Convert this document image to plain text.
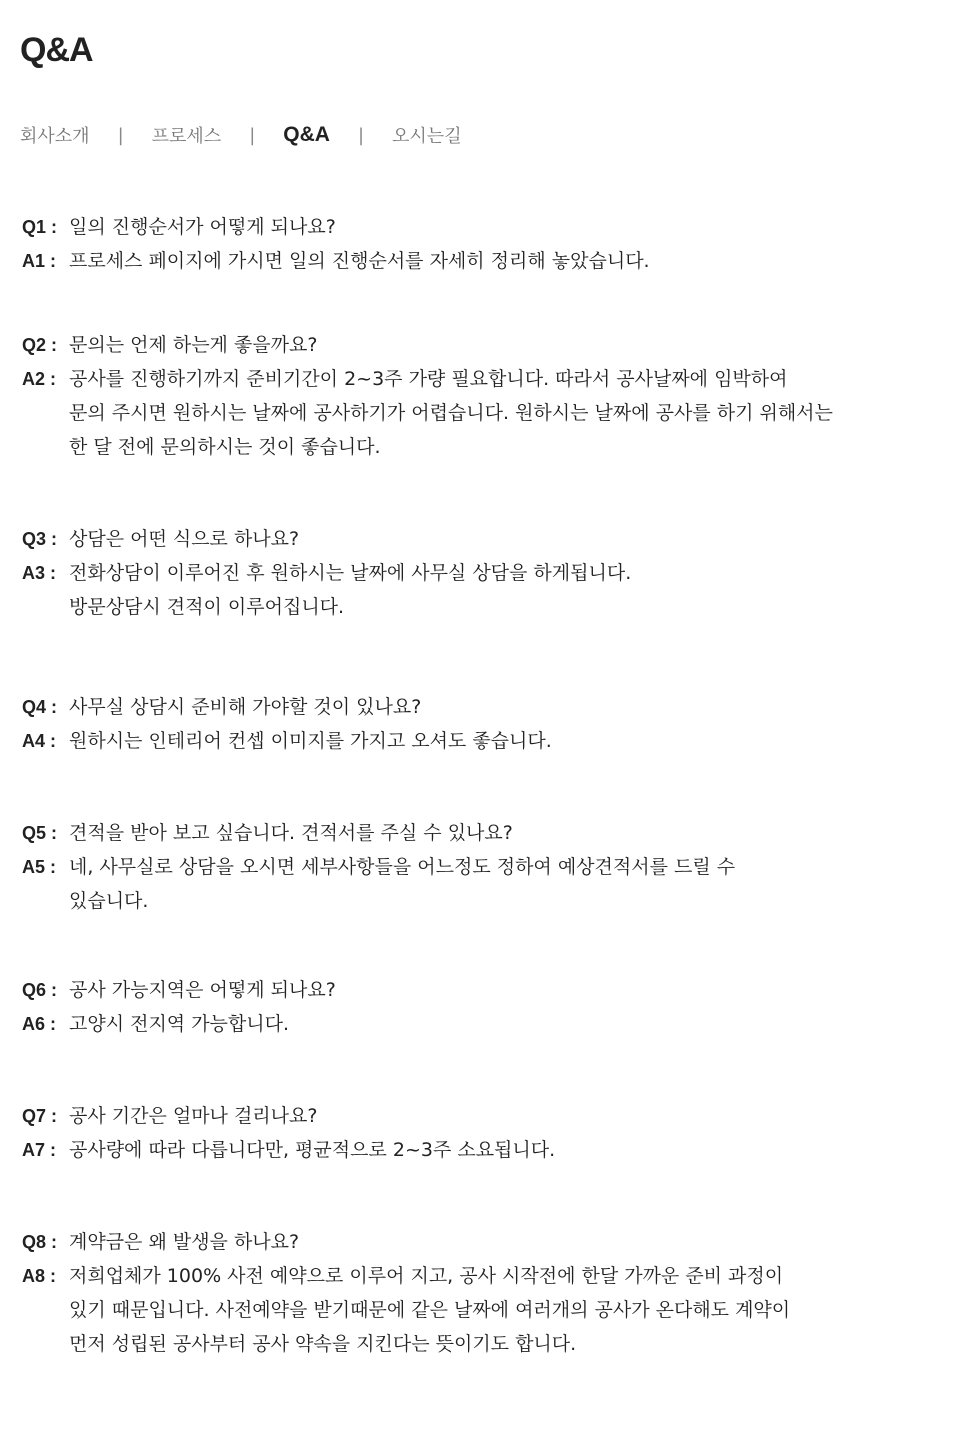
Q&A
회사소개 | 프로세스 | Q&A | 오시는길
Q1 : 일의 진행순서가 어떻게 되나요?
A1 : 프로세스 페이지에 가시면 일의 진행순서를 자세히 정리해 놓았습니다.
Q2 : 문의는 언제 하는게 좋을까요?
A2 : 공사를 진행하기까지 준비기간이 2~3주 가량 필요합니다. 따라서 공사날짜에 임박하여
문의 주시면 원하시는 날짜에 공사하기가 어렵습니다. 원하시는 날짜에 공사를 하기 위해서는
한 달 전에 문의하시는 것이 좋습니다.
Q3 : 상담은 어떤 식으로 하나요?
A3 : 전화상담이 이루어진 후 원하시는 날짜에 사무실 상담을 하게됩니다.
방문상담시 견적이 이루어집니다.
Q4 : 사무실 상담시 준비해 가야할 것이 있나요?
A4 : 원하시는 인테리어 컨셉 이미지를 가지고 오셔도 좋습니다.
Q5 : 견적을 받아 보고 싶습니다. 견적서를 주실 수 있나요?
A5 : 네, 사무실로 상담을 오시면 세부사항들을 어느정도 정하여 예상견적서를 드릴 수
있습니다.
Q6 : 공사 가능지역은 어떻게 되나요?
A6 : 고양시 전지역 가능합니다.
Q7 : 공사 기간은 얼마나 걸리나요?
A7 : 공사량에 따라 다릅니다만, 평균적으로 2~3주 소요됩니다.
Q8 : 계약금은 왜 발생을 하나요?
A8 : 저희업체가 100% 사전 예약으로 이루어 지고, 공사 시작전에 한달 가까운 준비 과정이
있기 때문입니다. 사전예약을 받기때문에 같은 날짜에 여러개의 공사가 온다해도 계약이
먼저 성립된 공사부터 공사 약속을 지킨다는 뜻이기도 합니다.
